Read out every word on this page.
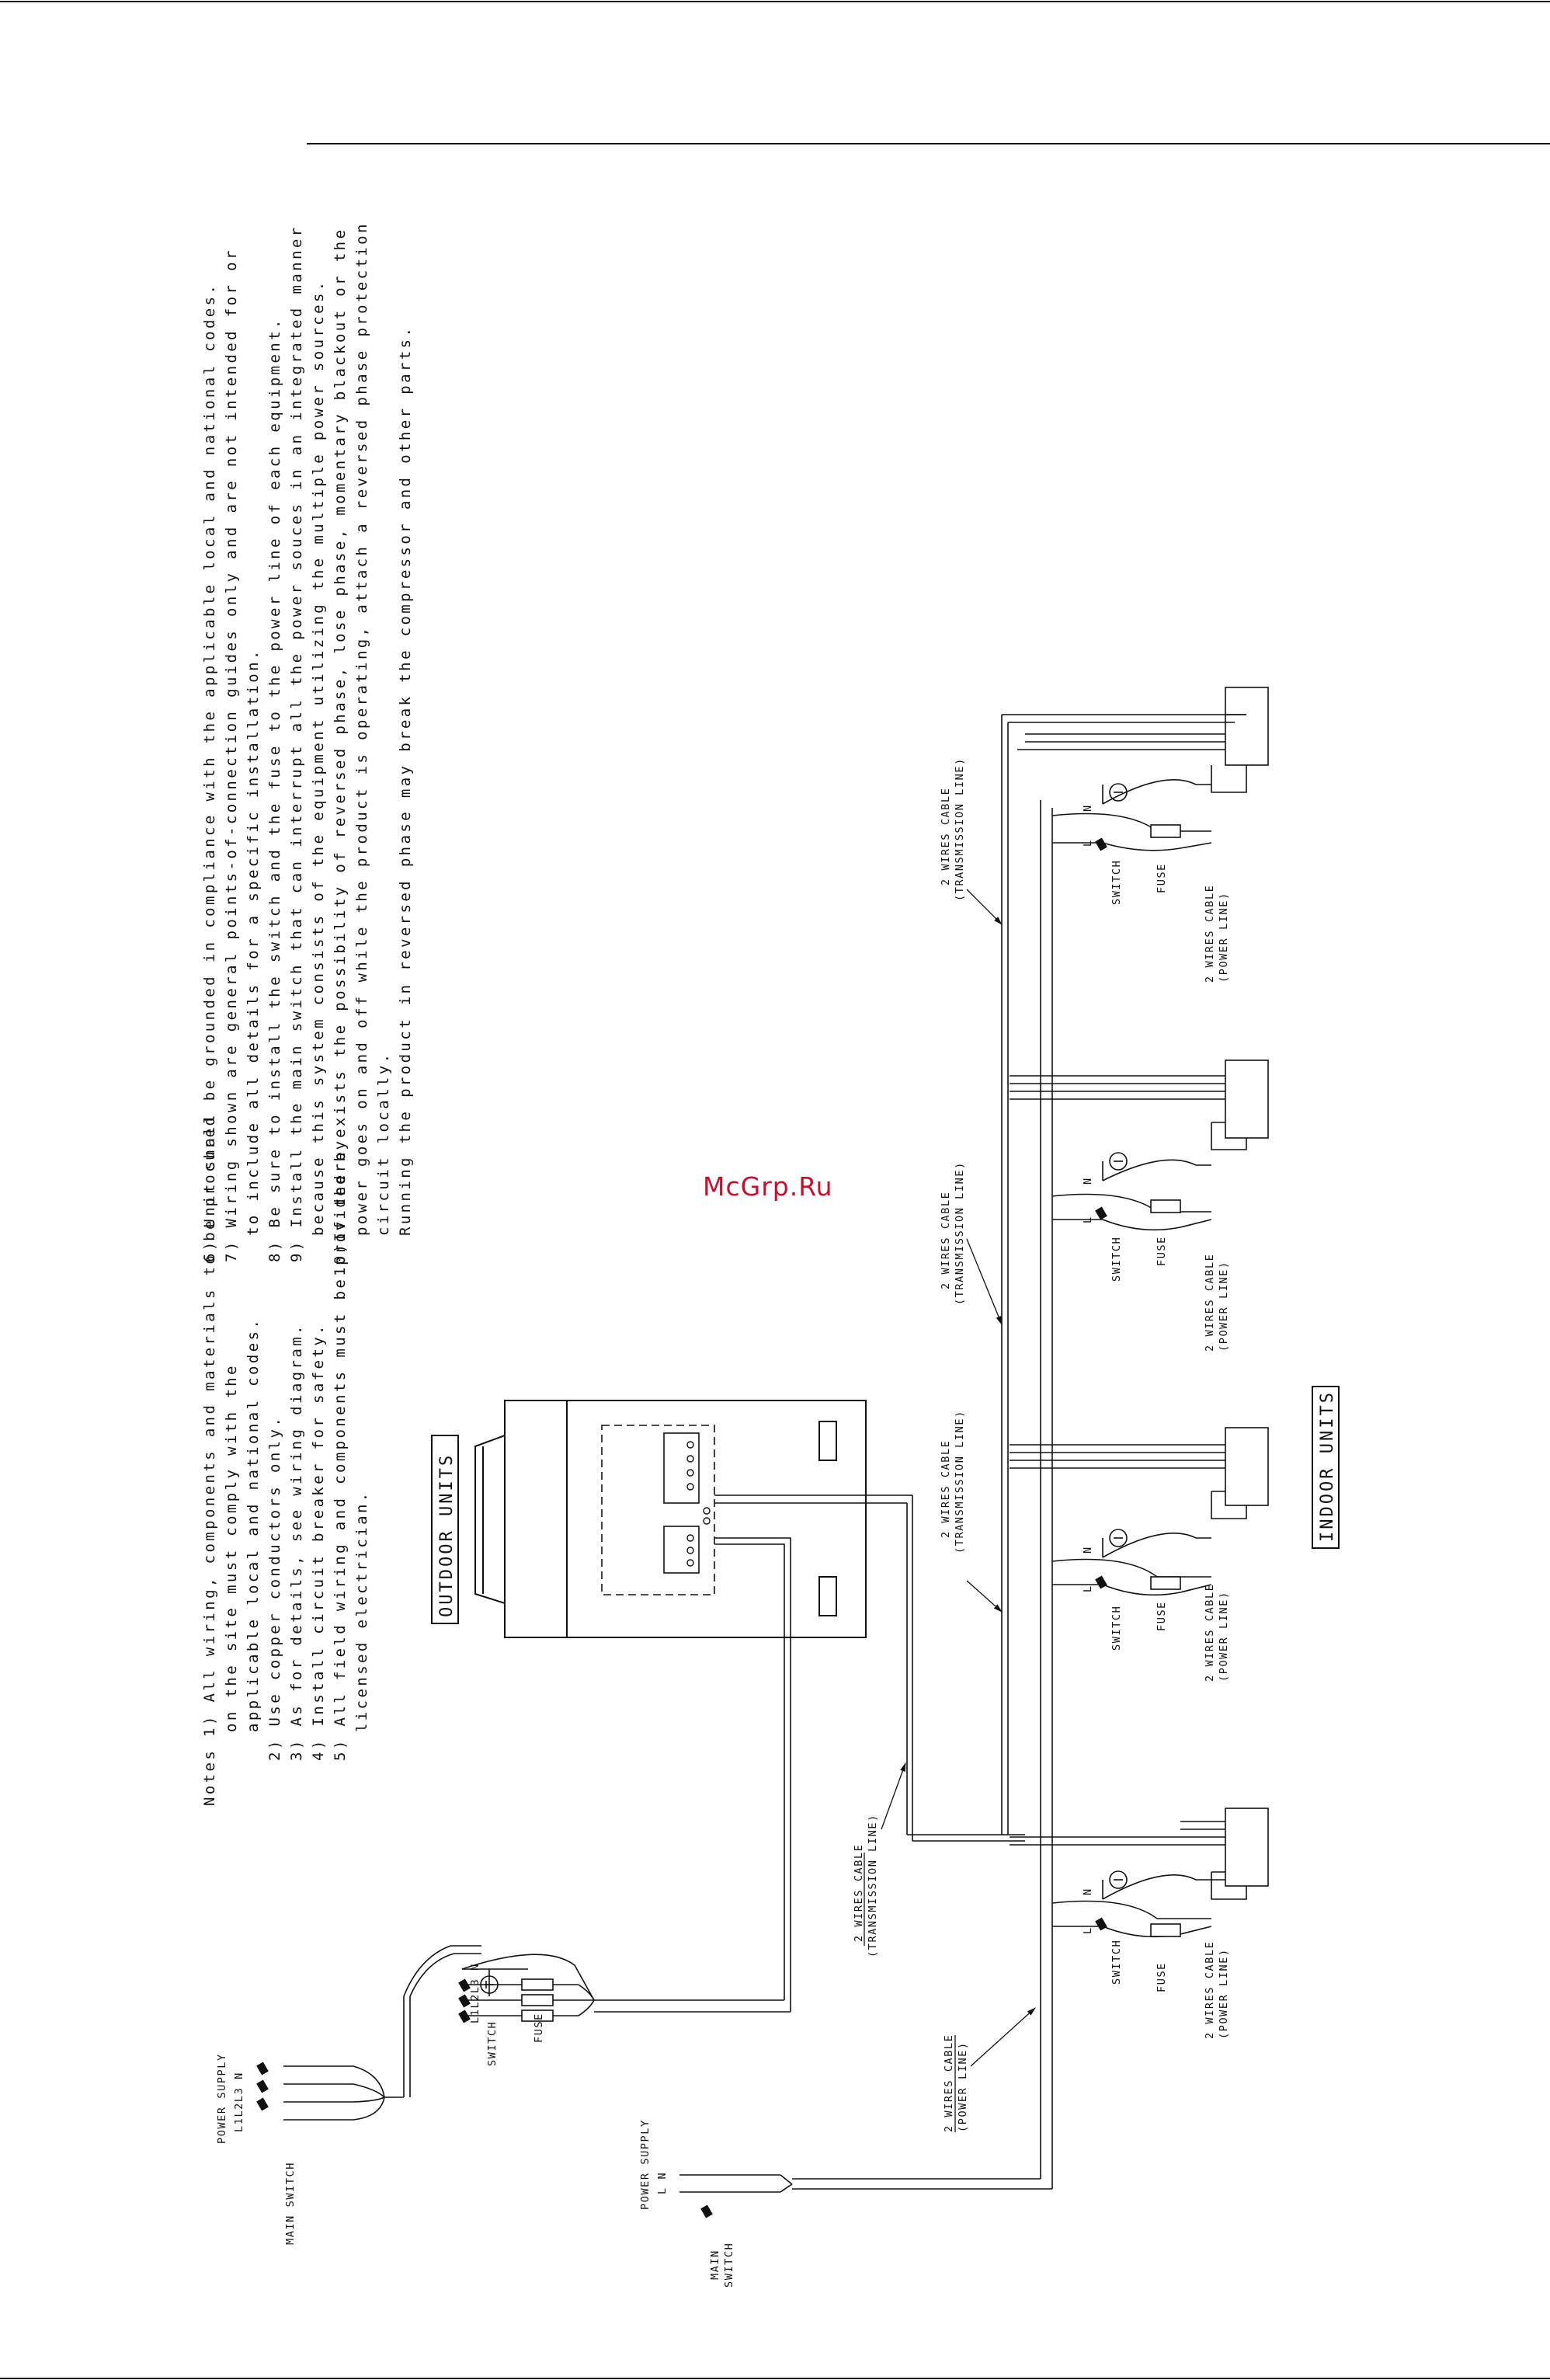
Notes 1) All wiring, components and materials to be procured on the site must comply with the applicable local and national codes. 2) Use copper conductors only. 3) As for details, see wiring diagram. 4) Install circuit breaker for safety. 5) All field wiring and components must be provided by licensed electrician.
6) Unit shall be grounded in compliance with the applicable local and national codes. 7) Wiring shown are general points-of-connection guides only and are not intended for or to include all details for a specific installation. 8) Be sure to install the switch and the fuse to the power line of each equipment. 9) Install the main switch that can interrupt all the power souces in an integrated manner because this system consists of the equipment utilizing the multiple power sources. 10)If there exists the possibility of reversed phase, lose phase, momentary blackout or the power goes on and off while the product is operating, attach a reversed phase protection circuit locally. Running the product in reversed phase may break the compressor and other parts.
OUTDOOR UNITS
POWER SUPPLY L1L2L3 N
MAIN SWITCH
L1L2L3 N
SWITCH	FUSE
POWER SUPPLY L N
MAIN SWITCH
2 WIRES CABLE (POWER LINE)
2 WIRES CABLE (TRANSMISSION LINE)	L
N
SWITCH	FUSE	2 WIRES CABLE (POWER LINE)
L
N
SWITCH	FUSE	2 WIRES CABLE (POWER LINE)
L
N
SWITCH	FUSE
2 WIRES CABLE (POWER LINE)
L
N
SWITCH	FUSE
2 WIRES CABLE (POWER LINE)
2 WIRES CABLE (TRANSMISSION LINE)
2 WIRES CABLE (TRANSMISSION LINE)
2 WIRES CABLE (TRANSMISSION LINE)
INDOOR UNITS
McGrp.Ru
